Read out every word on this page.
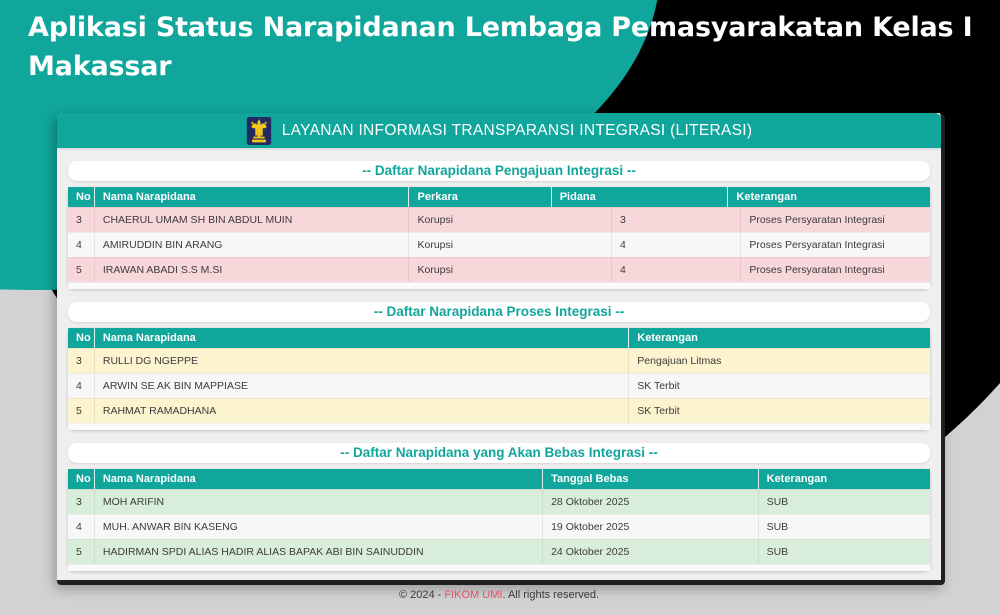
Aplikasi Status Narapidanan Lembaga Pemasyarakatan Kelas I
Makassar
LAYANAN INFORMASI TRANSPARANSI INTEGRASI (LITERASI)
-- Daftar Narapidana Pengajuan Integrasi --
No	Nama Narapidana	Perkara	Pidana	Keterangan
3	CHAERUL UMAM SH BIN ABDUL MUIN	Korupsi	3	Proses Persyaratan Integrasi
4	AMIRUDDIN BIN ARANG	Korupsi	4	Proses Persyaratan Integrasi
5	IRAWAN ABADI S.S M.SI	Korupsi	4	Proses Persyaratan Integrasi
-- Daftar Narapidana Proses Integrasi --
No	Nama Narapidana	Keterangan
3	RULLI DG NGEPPE	Pengajuan Litmas
4	ARWIN SE AK BIN MAPPIASE	SK Terbit
5	RAHMAT RAMADHANA	SK Terbit
-- Daftar Narapidana yang Akan Bebas Integrasi --
No	Nama Narapidana	Tanggal Bebas	Keterangan
3	MOH ARIFIN	28 Oktober 2025	SUB
4	MUH. ANWAR BIN KASENG	19 Oktober 2025	SUB
5	HADIRMAN SPDI ALIAS HADIR ALIAS BAPAK ABI BIN SAINUDDIN	24 Oktober 2025	SUB
© 2024 - FIKOM UMI. All rights reserved.
